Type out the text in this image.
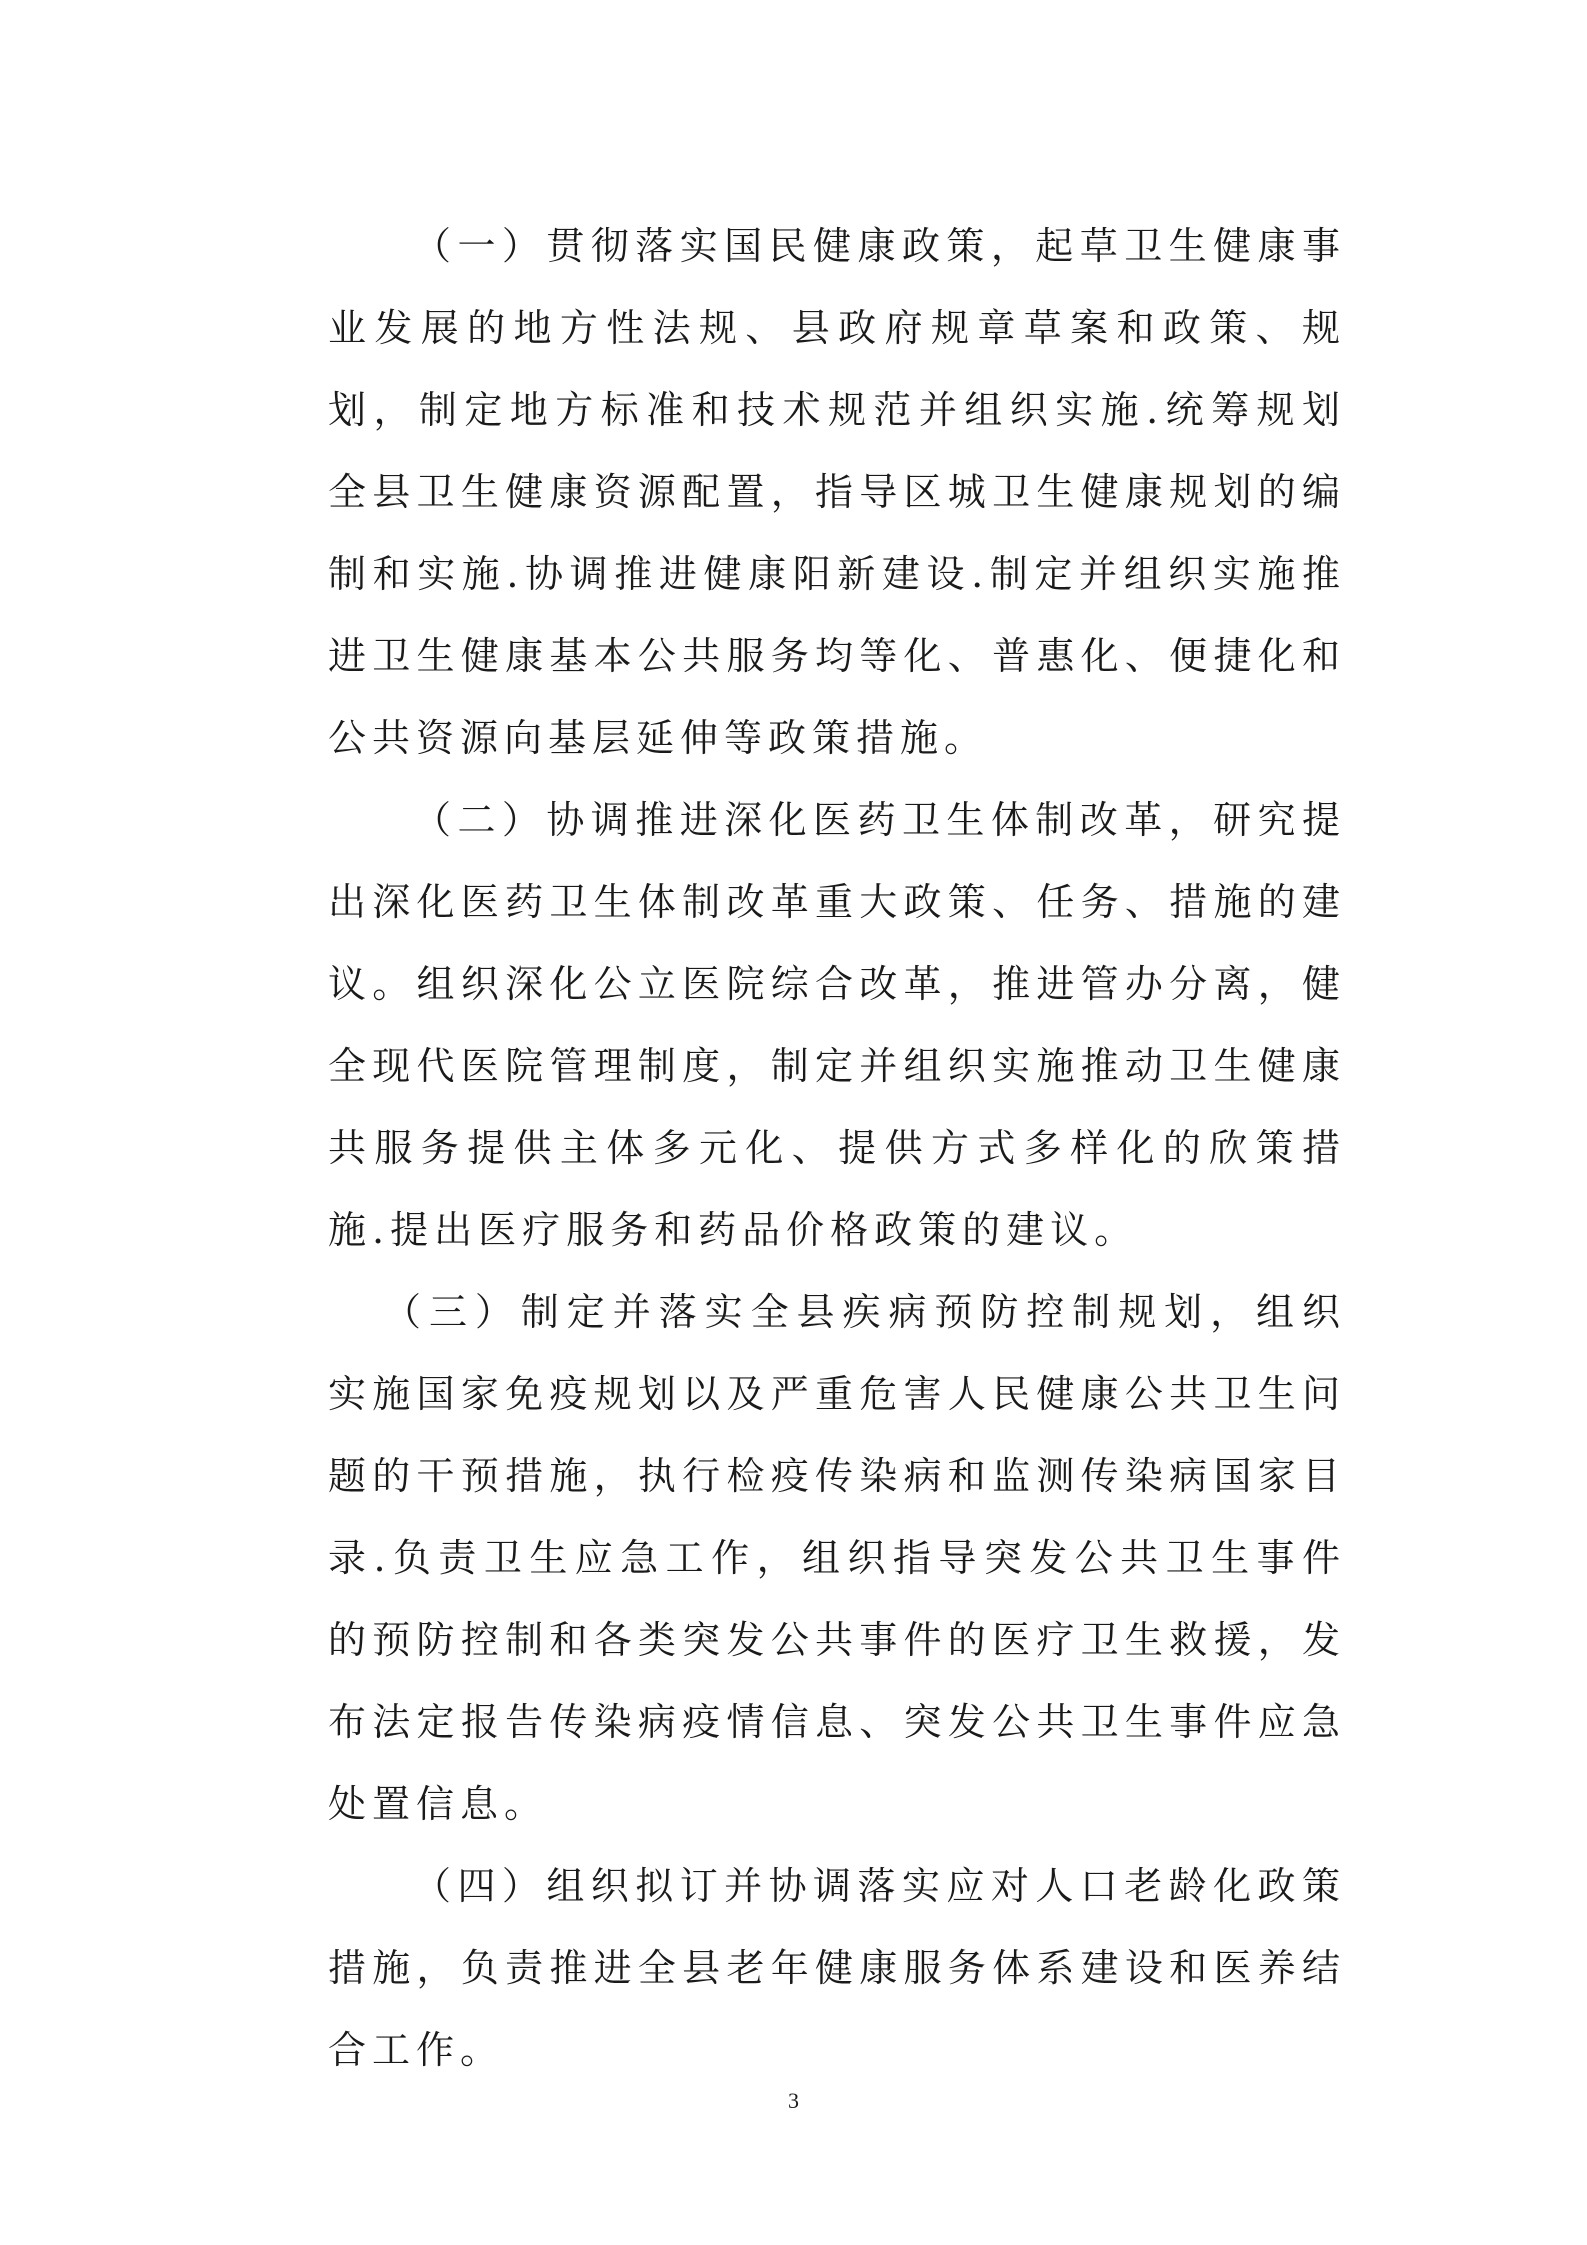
（一）贯彻落实国民健康政策，起草卫生健康事业发展的地方性法规、县政府规章草案和政策、规划，制定地方标准和技术规范并组织实施.统筹规划全县卫生健康资源配置，指导区城卫生健康规划的编制和实施.协调推进健康阳新建设.制定并组织实施推进卫生健康基本公共服务均等化、普惠化、便捷化和公共资源向基层延伸等政策措施。

（二）协调推进深化医药卫生体制改革，研究提出深化医药卫生体制改革重大政策、任务、措施的建议。组织深化公立医院综合改革，推进管办分离，健全现代医院管理制度，制定并组织实施推动卫生健康共服务提供主体多元化、提供方式多样化的欣策措施.提出医疗服务和药品价格政策的建议。

（三）制定并落实全县疾病预防控制规划，组织实施国家免疫规划以及严重危害人民健康公共卫生问题的干预措施，执行检疫传染病和监测传染病国家目录.负责卫生应急工作，组织指导突发公共卫生事件的预防控制和各类突发公共事件的医疗卫生救援，发布法定报告传染病疫情信息、突发公共卫生事件应急处置信息。

（四）组织拟订并协调落实应对人口老龄化政策措施，负责推进全县老年健康服务体系建设和医养结合工作。

3
